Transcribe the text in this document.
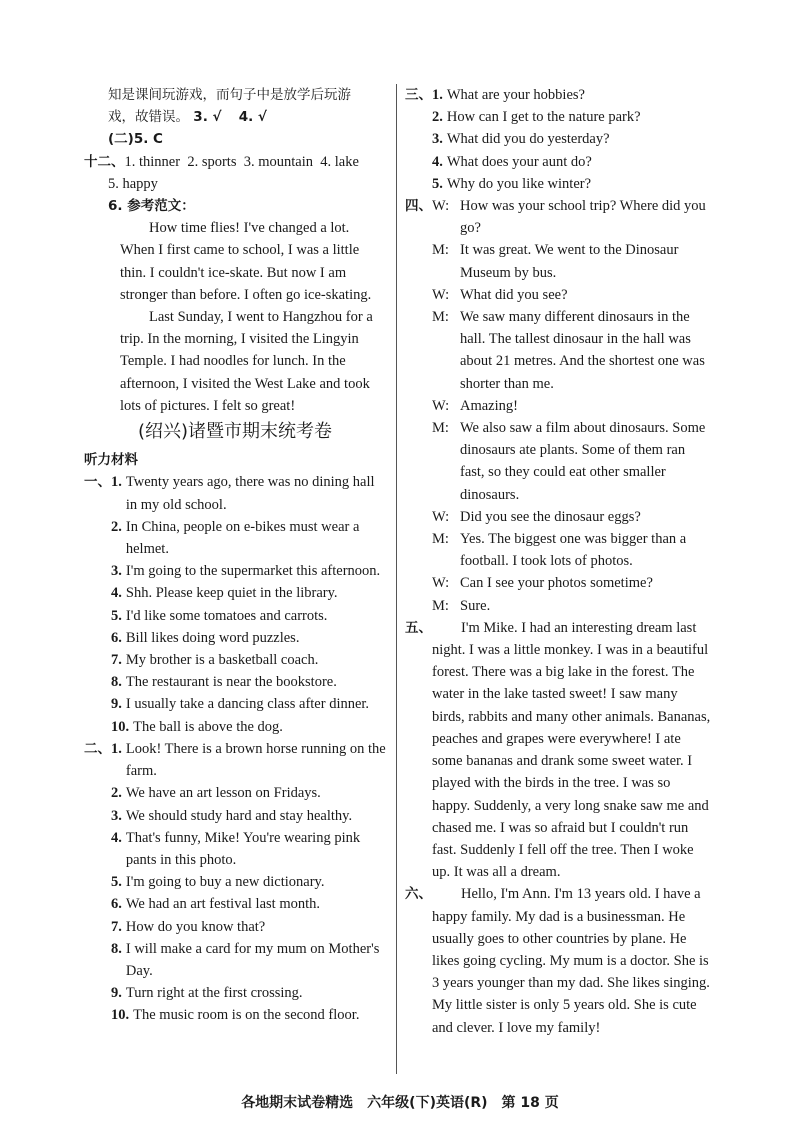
知是课间玩游戏，而句子中是放学后玩游
戏，故错误。 3. √ 4. √
(二)5. C
十二、 1. thinner 2. sports 3. mountain 4. lake
5. happy
6. 参考范文：

How time flies! I've changed a lot. When I first came to school, I was a little thin. I couldn't ice-skate. But now I am stronger than before. I often go ice-skating.

Last Sunday, I went to Hangzhou for a trip. In the morning, I visited the Lingyin Temple. I had noodles for lunch. In the afternoon, I visited the West Lake and took lots of pictures. I felt so great!

(绍兴)诸暨市期末统考卷
听力材料
一、 1. Twenty years ago, there was no dining hall in my old school.
2. In China, people on e-bikes must wear a helmet.
3. I'm going to the supermarket this afternoon.
4. Shh. Please keep quiet in the library.
5. I'd like some tomatoes and carrots.
6. Bill likes doing word puzzles.
7. My brother is a basketball coach.
8. The restaurant is near the bookstore.
9. I usually take a dancing class after dinner.
10. The ball is above the dog.
二、 1. Look! There is a brown horse running on the farm.
2. We have an art lesson on Fridays.
3. We should study hard and stay healthy.
4. That's funny, Mike! You're wearing pink pants in this photo.
5. I'm going to buy a new dictionary.
6. We had an art festival last month.
7. How do you know that?
8. I will make a card for my mum on Mother's Day.
9. Turn right at the first crossing.
10. The music room is on the second floor.
三、 1. What are your hobbies?
2. How can I get to the nature park?
3. What did you do yesterday?
4. What does your aunt do?
5. Why do you like winter?
四、 W: How was your school trip? Where did you go?
M: It was great. We went to the Dinosaur Museum by bus.
W: What did you see?
M: We saw many different dinosaurs in the hall. The tallest dinosaur in the hall was about 21 metres. And the shortest one was shorter than me.
W: Amazing!
M: We also saw a film about dinosaurs. Some dinosaurs ate plants. Some of them ran fast, so they could eat other smaller dinosaurs.
W: Did you see the dinosaur eggs?
M: Yes. The biggest one was bigger than a football. I took lots of photos.
W: Can I see your photos sometime?
M: Sure.
五、	I'm Mike. I had an interesting dream last night. I was a little monkey. I was in a beautiful forest. There was a big lake in the forest. The water in the lake tasted sweet! I saw many birds, rabbits and many other animals. Bananas, peaches and grapes were everywhere! I ate some bananas and drank some sweet water. I played with the birds in the tree. I was so happy. Suddenly, a very long snake saw me and chased me. I was so afraid but I couldn't run fast. Suddenly I fell off the tree. Then I woke up. It was all a dream.

六、	Hello, I'm Ann. I'm 13 years old. I have a happy family. My dad is a businessman. He usually goes to other countries by plane. He likes going cycling. My mum is a doctor. She is 3 years younger than my dad. She likes singing. My little sister is only 5 years old. She is cute and clever. I love my family!

各地期末试卷精选　六年级(下)英语(R)　第 18 页
